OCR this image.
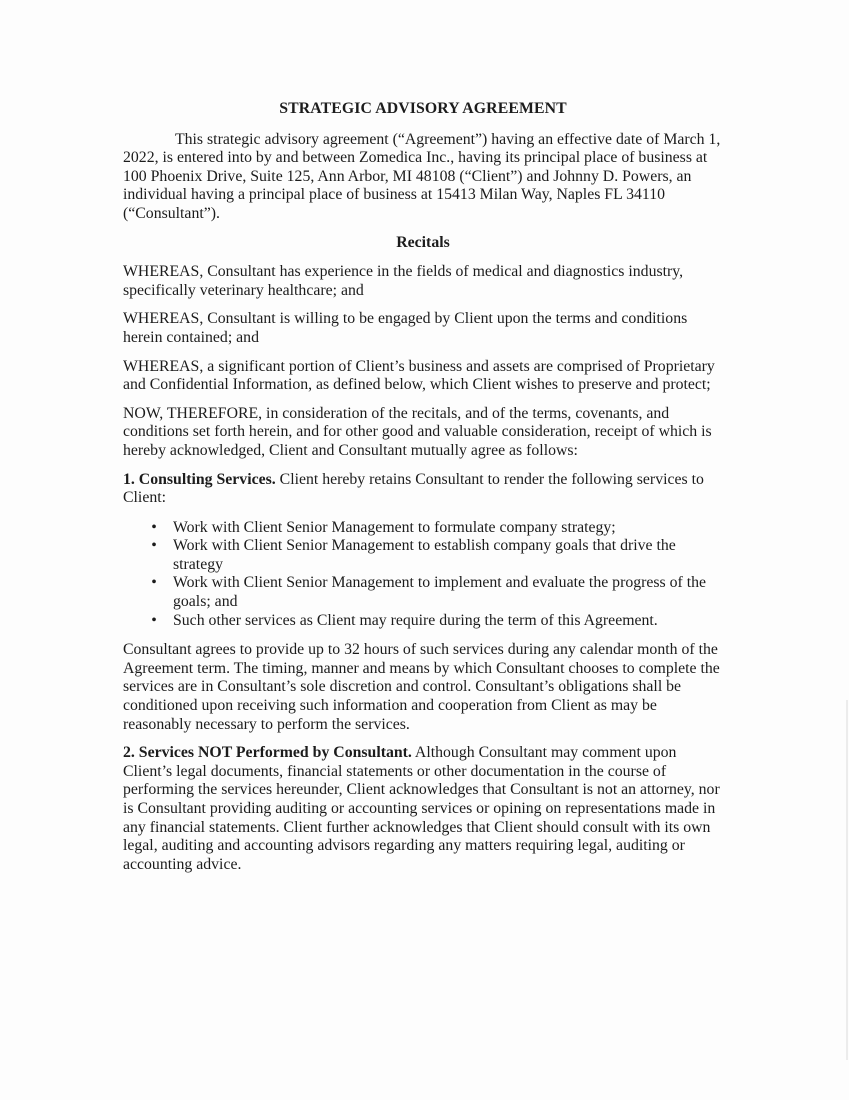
STRATEGIC ADVISORY AGREEMENT

This strategic advisory agreement (“Agreement”) having an effective date of March 1, 2022, is entered into by and between Zomedica Inc., having its principal place of business at 100 Phoenix Drive, Suite 125, Ann Arbor, MI 48108 (“Client”) and Johnny D. Powers, an individual having a principal place of business at 15413 Milan Way, Naples FL 34110 (“Consultant”).

Recitals

WHEREAS, Consultant has experience in the fields of medical and diagnostics industry, specifically veterinary healthcare; and

WHEREAS, Consultant is willing to be engaged by Client upon the terms and conditions herein contained; and

WHEREAS, a significant portion of Client’s business and assets are comprised of Proprietary and Confidential Information, as defined below, which Client wishes to preserve and protect;

NOW, THEREFORE, in consideration of the recitals, and of the terms, covenants, and conditions set forth herein, and for other good and valuable consideration, receipt of which is hereby acknowledged, Client and Consultant mutually agree as follows:

1. Consulting Services. Client hereby retains Consultant to render the following services to Client:

• Work with Client Senior Management to formulate company strategy;
• Work with Client Senior Management to establish company goals that drive the strategy
• Work with Client Senior Management to implement and evaluate the progress of the goals; and
• Such other services as Client may require during the term of this Agreement.

Consultant agrees to provide up to 32 hours of such services during any calendar month of the Agreement term. The timing, manner and means by which Consultant chooses to complete the services are in Consultant’s sole discretion and control. Consultant’s obligations shall be conditioned upon receiving such information and cooperation from Client as may be reasonably necessary to perform the services.

2. Services NOT Performed by Consultant. Although Consultant may comment upon Client’s legal documents, financial statements or other documentation in the course of performing the services hereunder, Client acknowledges that Consultant is not an attorney, nor is Consultant providing auditing or accounting services or opining on representations made in any financial statements. Client further acknowledges that Client should consult with its own legal, auditing and accounting advisors regarding any matters requiring legal, auditing or accounting advice.
